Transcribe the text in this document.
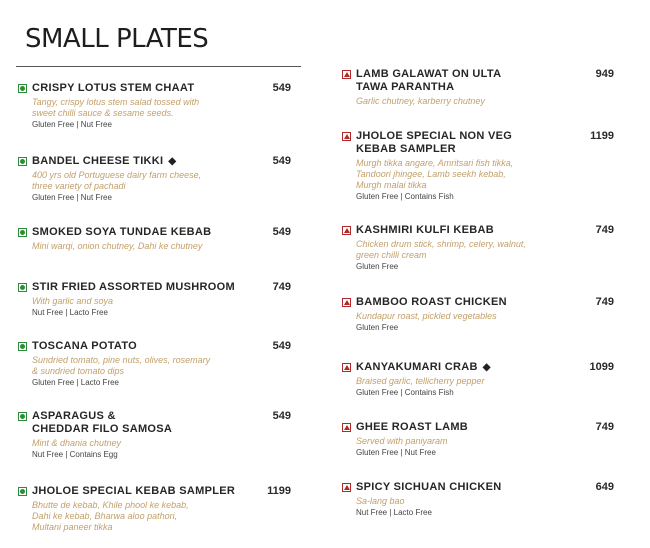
SMALL PLATES
CRISPY LOTUS STEM CHAAT	549
Tangy, crispy lotus stem salad tossed with
sweet chilli sauce & sesame seeds.
Gluten Free | Nut Free
BANDEL CHEESE TIKKI ◆	549
400 yrs old Portuguese dairy farm cheese,
three variety of pachadi
Gluten Free | Nut Free
SMOKED SOYA TUNDAE KEBAB	549
Mini warqi, onion chutney, Dahi ke chutney
STIR FRIED ASSORTED MUSHROOM	749
With garlic and soya
Nut Free | Lacto Free
TOSCANA POTATO	549
Sundried tomato, pine nuts, olives, rosemary
& sundried tomato dips
Gluten Free | Lacto Free
ASPARAGUS &
CHEDDAR FILO SAMOSA
549
Mint & dhania chutney
Nut Free | Contains Egg
JHOLOE SPECIAL KEBAB SAMPLER	1199
Bhutte de kebab, Khile phool ke kebab,
Dahi ke kebab, Bharwa aloo pathori,
Multani paneer tikka
LAMB GALAWAT ON ULTA
TAWA PARANTHA
949
Garlic chutney, karberry chutney
JHOLOE SPECIAL NON VEG
KEBAB SAMPLER
1199
Murgh tikka angare, Amritsari fish tikka,
Tandoori jhingee, Lamb seekh kebab,
Murgh malai tikka
Gluten Free | Contains Fish
KASHMIRI KULFI KEBAB	749
Chicken drum stick, shrimp, celery, walnut,
green chilli cream
Gluten Free
BAMBOO ROAST CHICKEN	749
Kundapur roast, pickled vegetables
Gluten Free
KANYAKUMARI CRAB ◆	1099
Braised garlic, tellicherry pepper
Gluten Free | Contains Fish
GHEE ROAST LAMB	749
Served with paniyaram
Gluten Free | Nut Free
SPICY SICHUAN CHICKEN	649
Sa-lang bao
Nut Free | Lacto Free
